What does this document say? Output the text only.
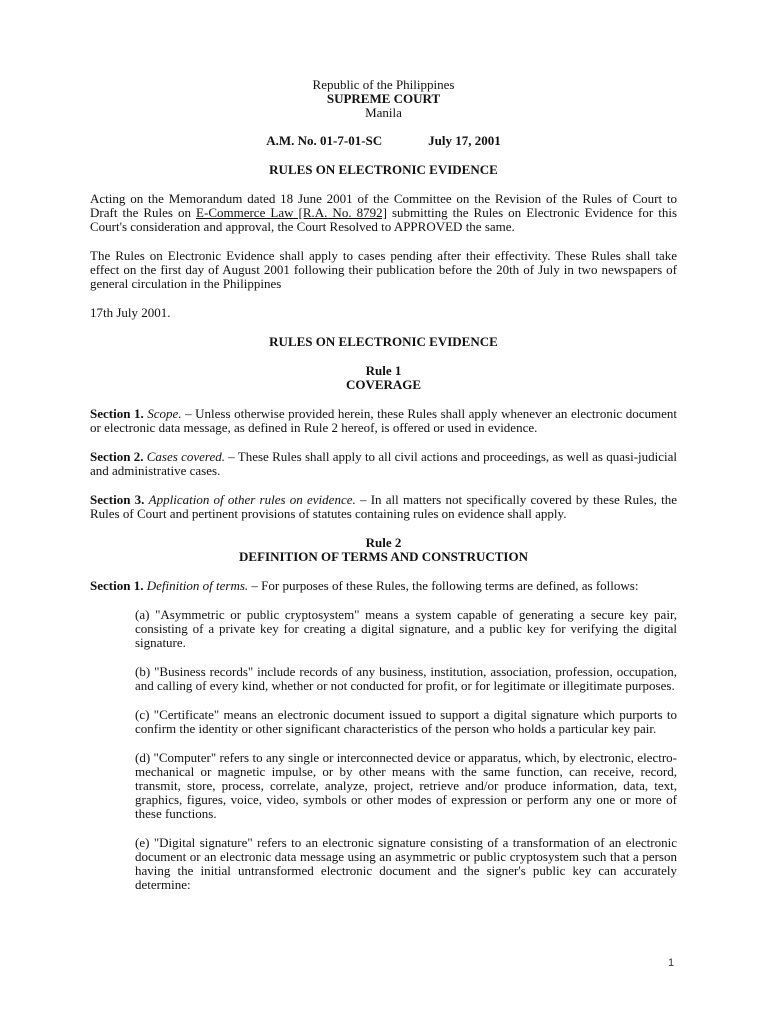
Republic of the Philippines
SUPREME COURT
Manila
A.M. No. 01-7-01-SC	July 17, 2001
RULES ON ELECTRONIC EVIDENCE

Acting on the Memorandum dated 18 June 2001 of the Committee on the Revision of the Rules of Court to Draft the Rules on E-Commerce Law [R.A. No. 8792] submitting the Rules on Electronic Evidence for this Court's consideration and approval, the Court Resolved to APPROVED the same.

The Rules on Electronic Evidence shall apply to cases pending after their effectivity. These Rules shall take effect on the first day of August 2001 following their publication before the 20th of July in two newspapers of general circulation in the Philippines

17th July 2001.

RULES ON ELECTRONIC EVIDENCE
Rule 1
COVERAGE

Section 1. Scope. – Unless otherwise provided herein, these Rules shall apply whenever an electronic document or electronic data message, as defined in Rule 2 hereof, is offered or used in evidence.

Section 2. Cases covered. – These Rules shall apply to all civil actions and proceedings, as well as quasi-judicial and administrative cases.

Section 3. Application of other rules on evidence. – In all matters not specifically covered by these Rules, the Rules of Court and pertinent provisions of statutes containing rules on evidence shall apply.

Rule 2
DEFINITION OF TERMS AND CONSTRUCTION

Section 1. Definition of terms. – For purposes of these Rules, the following terms are defined, as follows:

(a) "Asymmetric or public cryptosystem" means a system capable of generating a secure key pair, consisting of a private key for creating a digital signature, and a public key for verifying the digital signature.

(b) "Business records" include records of any business, institution, association, profession, occupation, and calling of every kind, whether or not conducted for profit, or for legitimate or illegitimate purposes.

(c) "Certificate" means an electronic document issued to support a digital signature which purports to confirm the identity or other significant characteristics of the person who holds a particular key pair.

(d) "Computer" refers to any single or interconnected device or apparatus, which, by electronic, electro-mechanical or magnetic impulse, or by other means with the same function, can receive, record, transmit, store, process, correlate, analyze, project, retrieve and/or produce information, data, text, graphics, figures, voice, video, symbols or other modes of expression or perform any one or more of these functions.

(e) "Digital signature" refers to an electronic signature consisting of a transformation of an electronic document or an electronic data message using an asymmetric or public cryptosystem such that a person having the initial untransformed electronic document and the signer's public key can accurately determine:

1
